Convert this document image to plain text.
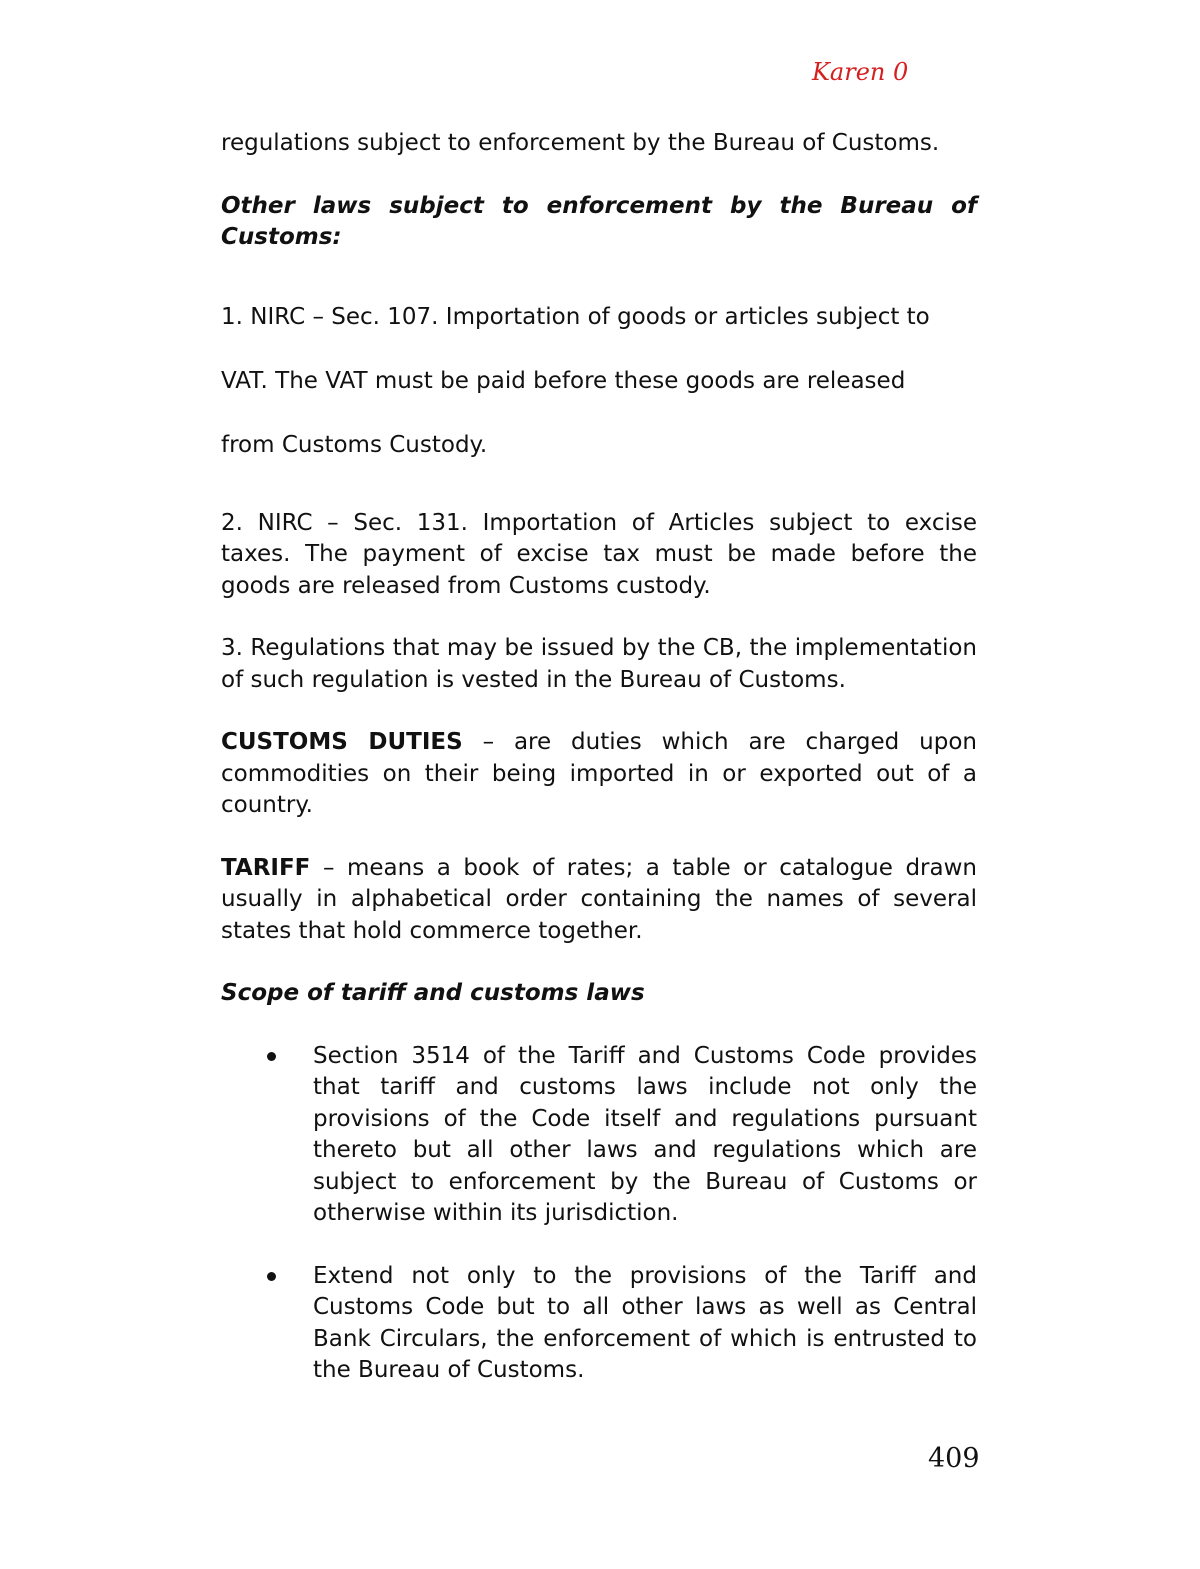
Karen 0

regulations subject to enforcement by the Bureau of Customs.

Other laws subject to enforcement by the Bureau of Customs:

1. NIRC – Sec. 107. Importation of goods or articles subject to
VAT. The VAT must be paid before these goods are released
from Customs Custody.

2. NIRC – Sec. 131. Importation of Articles subject to excise taxes. The payment of excise tax must be made before the goods are released from Customs custody.

3. Regulations that may be issued by the CB, the implementation of such regulation is vested in the Bureau of Customs.

CUSTOMS DUTIES – are duties which are charged upon commodities on their being imported in or exported out of a country.

TARIFF – means a book of rates; a table or catalogue drawn usually in alphabetical order containing the names of several states that hold commerce together.

Scope of tariff and customs laws

Section 3514 of the Tariff and Customs Code provides that tariff and customs laws include not only the provisions of the Code itself and regulations pursuant thereto but all other laws and regulations which are subject to enforcement by the Bureau of Customs or otherwise within its jurisdiction.
Extend not only to the provisions of the Tariff and Customs Code but to all other laws as well as Central Bank Circulars, the enforcement of which is entrusted to the Bureau of Customs.
409
